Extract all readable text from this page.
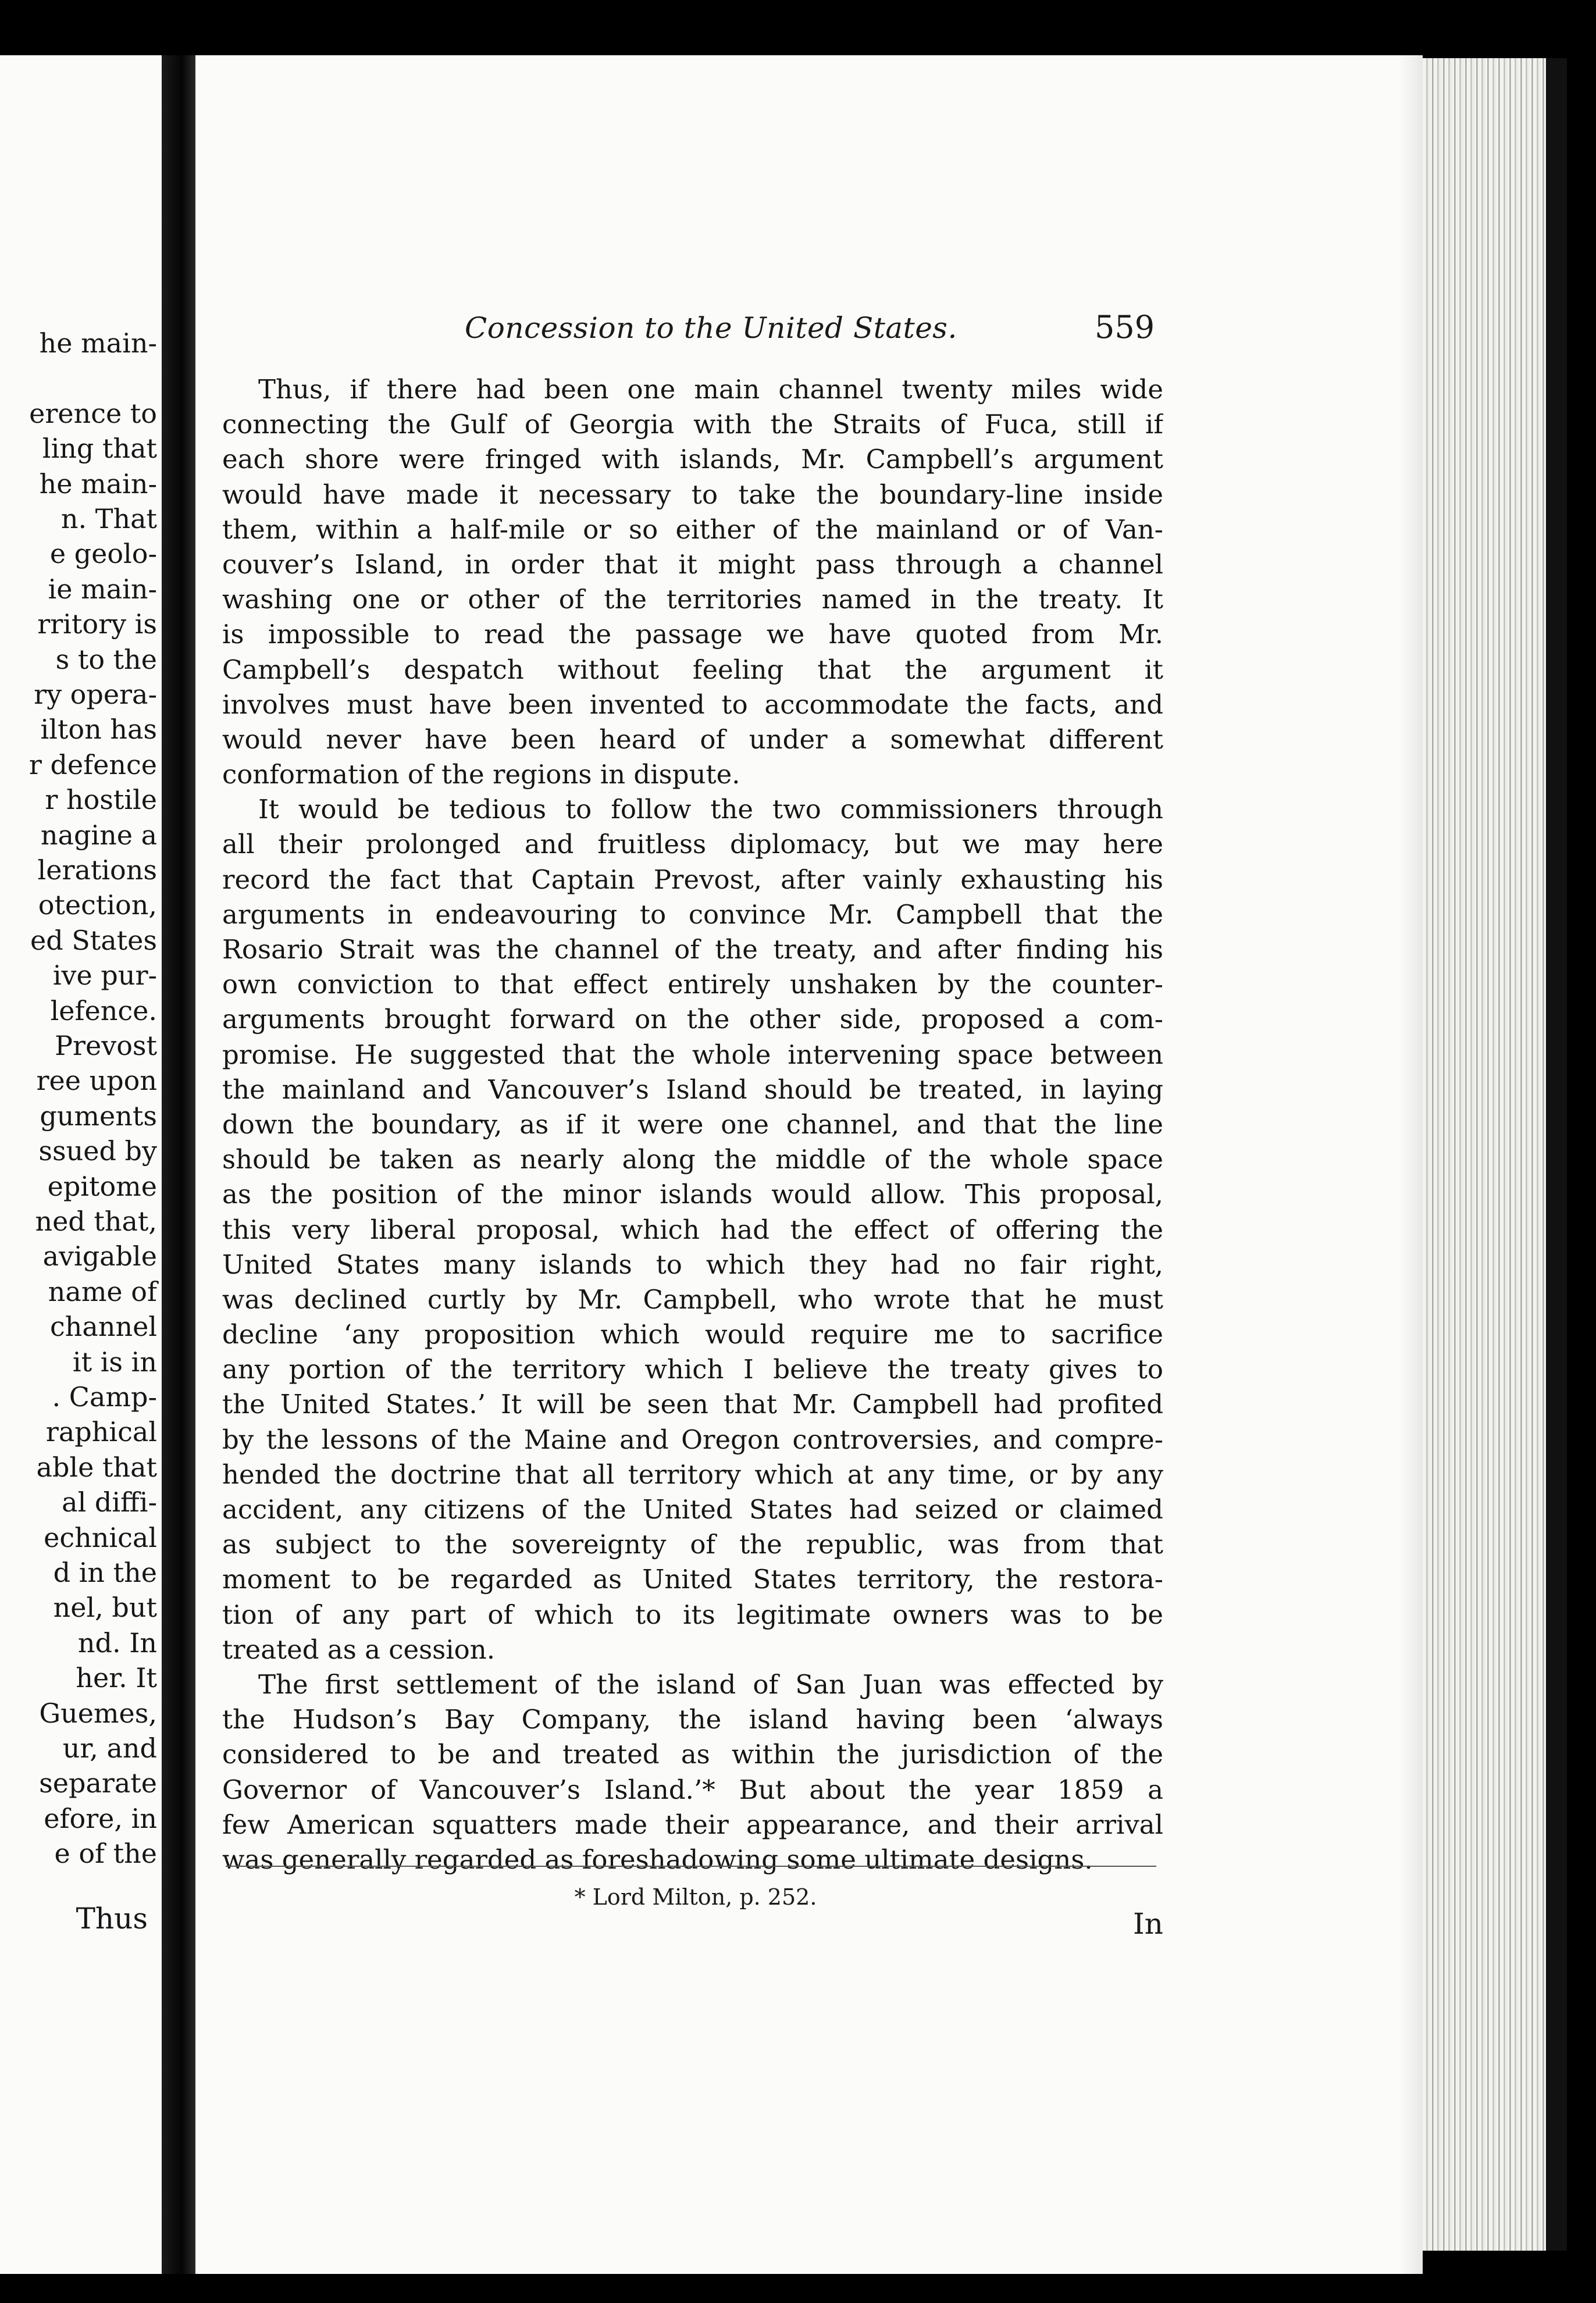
he main-
erence to
ling that
he main-
n. That
e geolo-
ie main-
rritory is
s to the
ry opera-
ilton has
r defence
r hostile
nagine a
lerations
otection,
ed States
ive pur-
lefence.
Prevost
ree upon
guments
ssued by
epitome
ned that,
avigable
name of
channel
it is in
. Camp-
raphical
able that
al diffi-
echnical
d in the
nel, but
nd. In
her. It
Guemes,
ur, and
separate
efore, in
e of the
Thus
Concession to the United States.	559
Thus, if there had been one main channel twenty miles wide
connecting the Gulf of Georgia with the Straits of Fuca, still if
each shore were fringed with islands, Mr. Campbell’s argument
would have made it necessary to take the boundary-line inside
them, within a half-mile or so either of the mainland or of Van-
couver’s Island, in order that it might pass through a channel
washing one or other of the territories named in the treaty. It
is impossible to read the passage we have quoted from Mr.
Campbell’s despatch without feeling that the argument it
involves must have been invented to accommodate the facts, and
would never have been heard of under a somewhat different
conformation of the regions in dispute.
It would be tedious to follow the two commissioners through
all their prolonged and fruitless diplomacy, but we may here
record the fact that Captain Prevost, after vainly exhausting his
arguments in endeavouring to convince Mr. Campbell that the
Rosario Strait was the channel of the treaty, and after finding his
own conviction to that effect entirely unshaken by the counter-
arguments brought forward on the other side, proposed a com-
promise. He suggested that the whole intervening space between
the mainland and Vancouver’s Island should be treated, in laying
down the boundary, as if it were one channel, and that the line
should be taken as nearly along the middle of the whole space
as the position of the minor islands would allow. This proposal,
this very liberal proposal, which had the effect of offering the
United States many islands to which they had no fair right,
was declined curtly by Mr. Campbell, who wrote that he must
decline ‘any proposition which would require me to sacrifice
any portion of the territory which I believe the treaty gives to
the United States.’ It will be seen that Mr. Campbell had profited
by the lessons of the Maine and Oregon controversies, and compre-
hended the doctrine that all territory which at any time, or by any
accident, any citizens of the United States had seized or claimed
as subject to the sovereignty of the republic, was from that
moment to be regarded as United States territory, the restora-
tion of any part of which to its legitimate owners was to be
treated as a cession.
The first settlement of the island of San Juan was effected by
the Hudson’s Bay Company, the island having been ‘always
considered to be and treated as within the jurisdiction of the
Governor of Vancouver’s Island.’* But about the year 1859 a
few American squatters made their appearance, and their arrival
was generally regarded as foreshadowing some ultimate designs.
* Lord Milton, p. 252.
In
